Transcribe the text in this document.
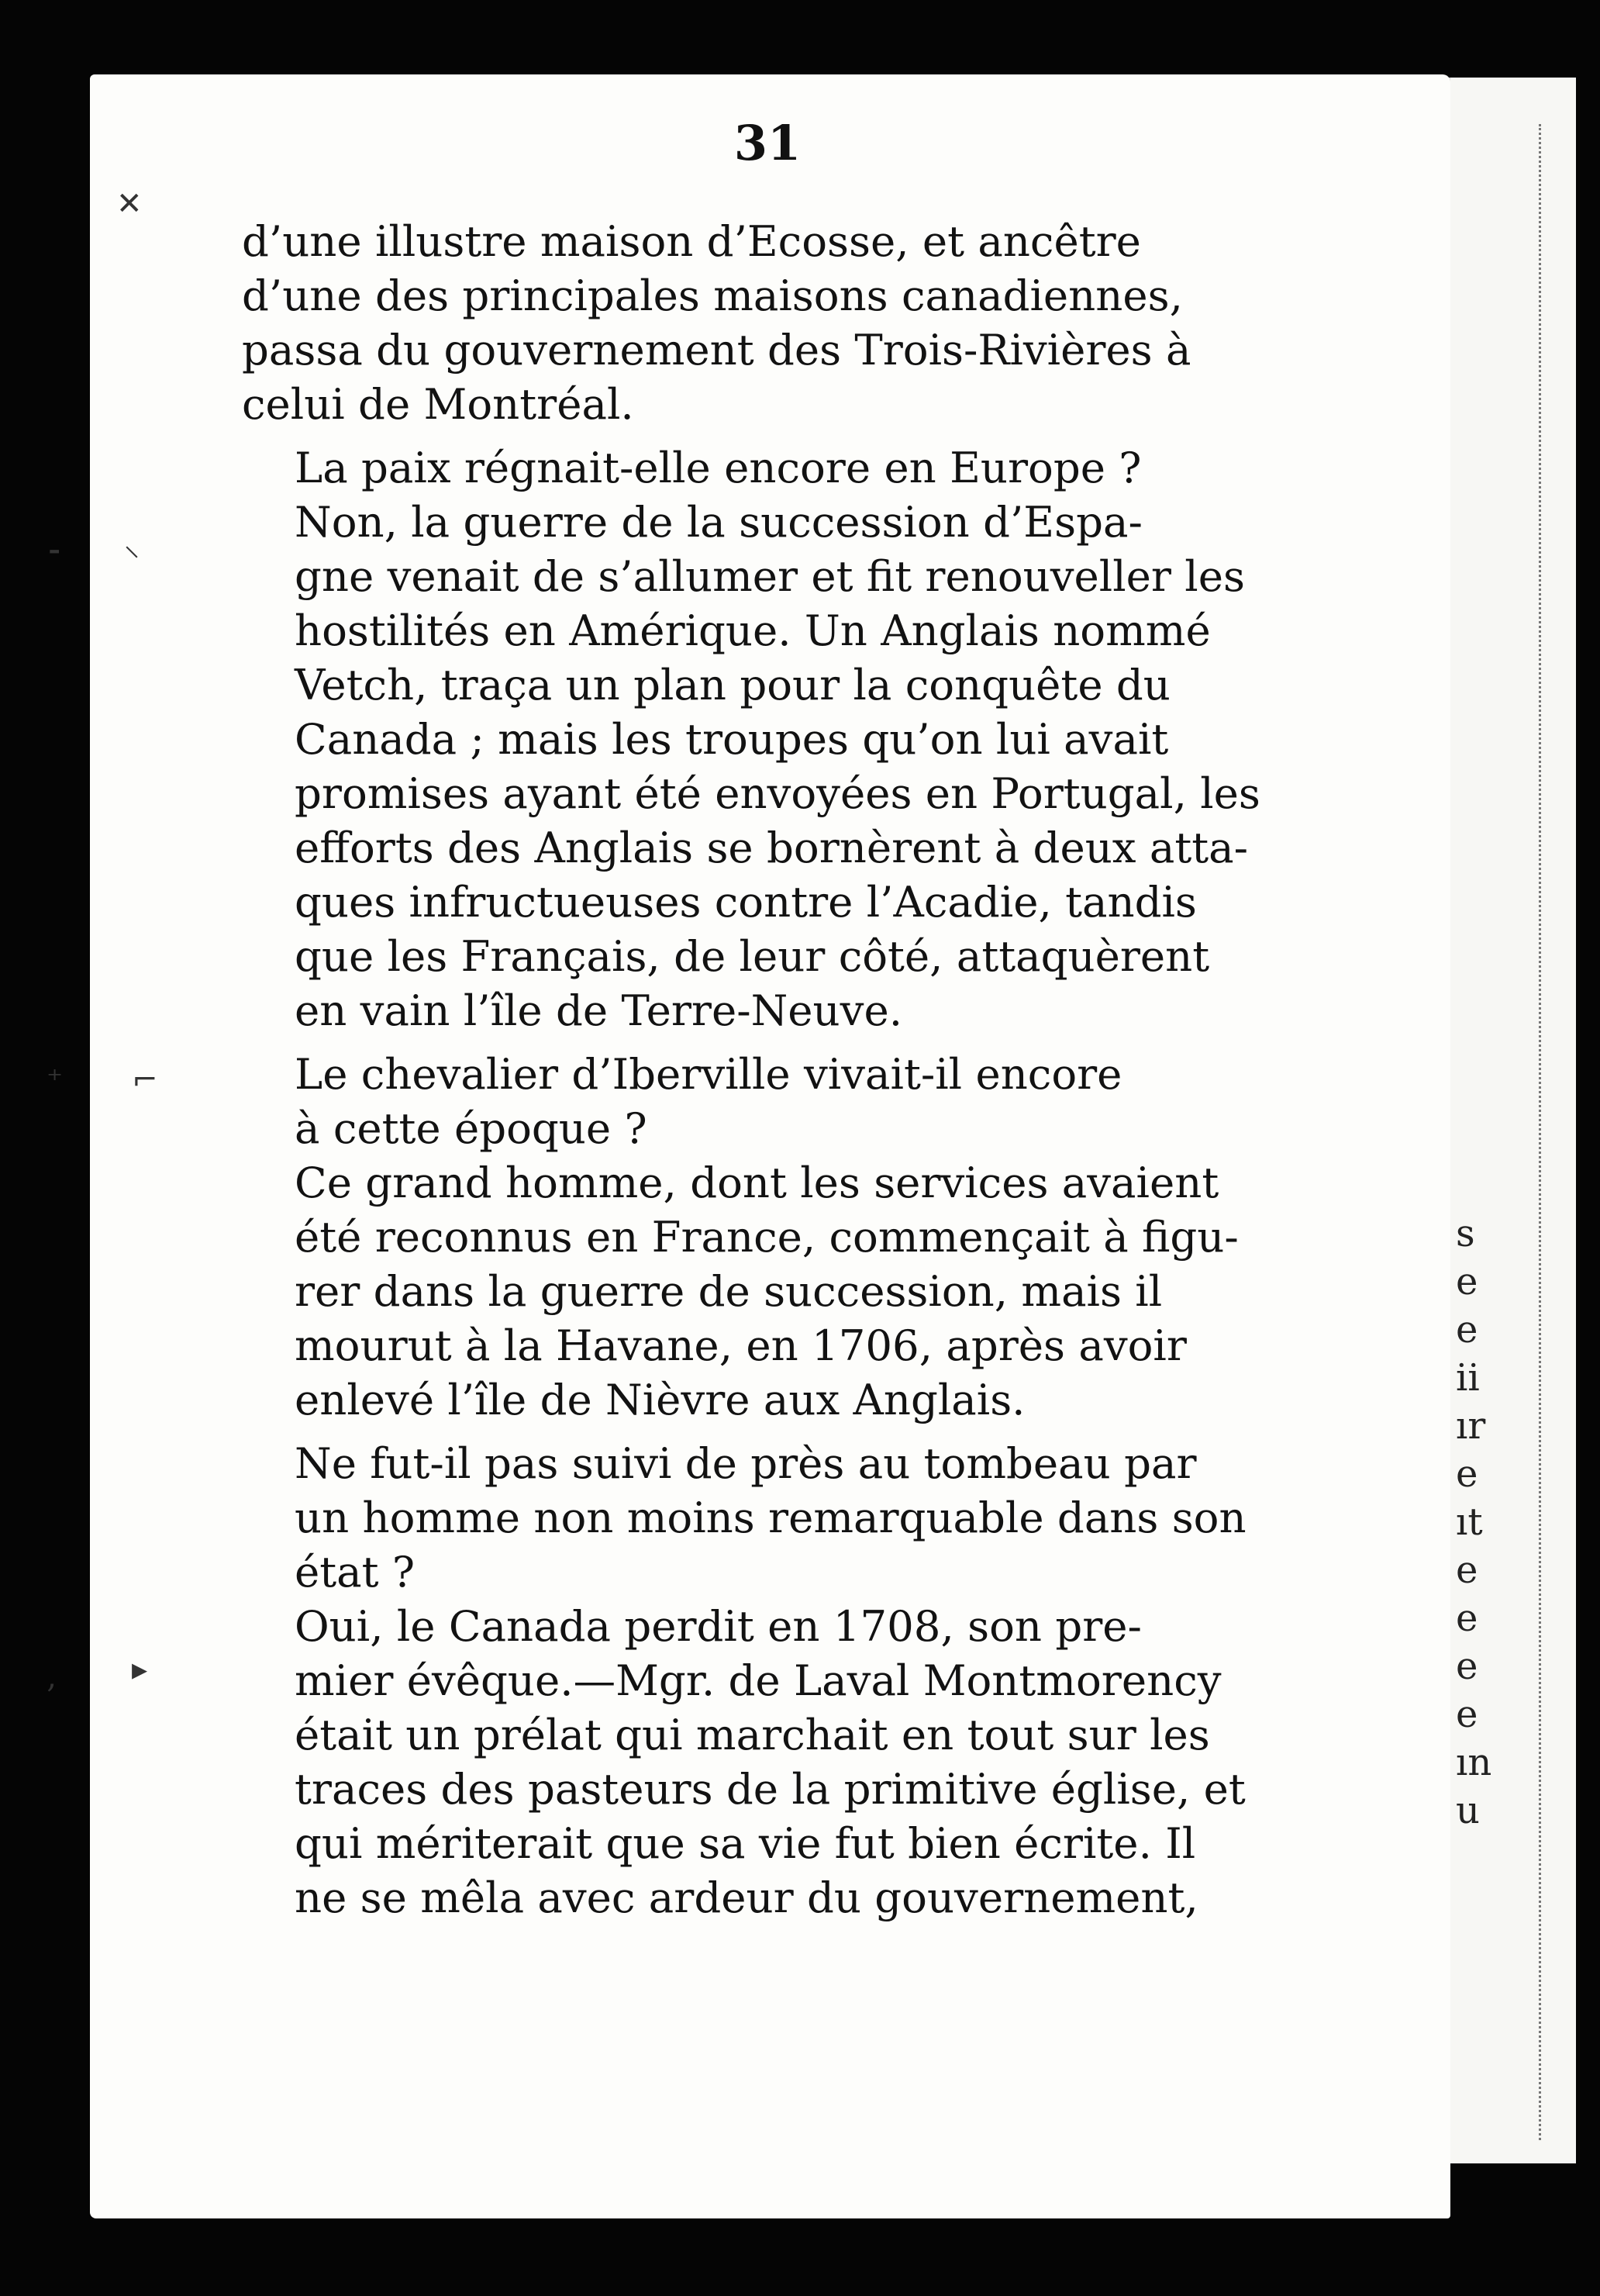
31

d’une illustre maison d’Ecosse, et ancêtre
d’une des principales maisons canadiennes,
passa du gouvernement des Trois-Rivières à
celui de Montréal.

La paix régnait-elle encore en Europe ?

Non, la guerre de la succession d’Espa-
gne venait de s’allumer et fit renouveller les
hostilités en Amérique. Un Anglais nommé
Vetch, traça un plan pour la conquête du
Canada ; mais les troupes qu’on lui avait
promises ayant été envoyées en Portugal, les
efforts des Anglais se bornèrent à deux atta-
ques infructueuses contre l’Acadie, tandis
que les Français, de leur côté, attaquèrent
en vain l’île de Terre-Neuve.

Le chevalier d’Iberville vivait-il encore
à cette époque ?

Ce grand homme, dont les services avaient
été reconnus en France, commençait à figu-
rer dans la guerre de succession, mais il
mourut à la Havane, en 1706, après avoir
enlevé l’île de Nièvre aux Anglais.

Ne fut-il pas suivi de près au tombeau par
un homme non moins remarquable dans son
état ?

Oui, le Canada perdit en 1708, son pre-
mier évêque.—Mgr. de Laval Montmorency
était un prélat qui marchait en tout sur les
traces des pasteurs de la primitive église, et
qui mériterait que sa vie fut bien écrite. Il
ne se mêla avec ardeur du gouvernement,

s
e
e
ii
ır
e
ıt
e
e
e
e
ın
u
✕
⁃ ⸌
⁺ ⌐
‚ ▸
